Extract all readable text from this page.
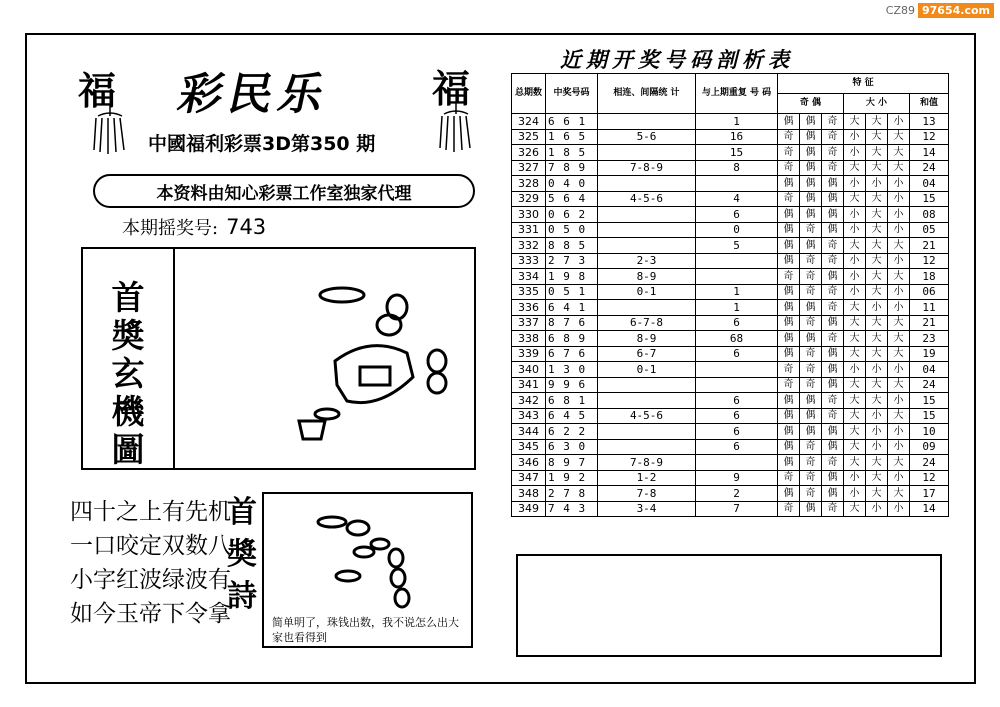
CZ89 97654.com
福	福
彩民乐
中國福利彩票3D第350 期
本资料由知心彩票工作室独家代理
本期摇奖号: 743
首
奬
玄
機
圖
四十之上有先机
一口咬定双数八
小字红波绿波有
如今玉帝下令拿
首
奬
詩
简单明了，珠钱出数，我不说怎么出大家也看得到
近期开奖号码剖析表
总期数	中奖号码	相连、间隔统 计	与上期重复 号 码	特 征						
				奇 偶			大 小			和值
324	6 6 1		1	偶	偶	奇	大	大	小	13
325	1 6 5	5-6	16	奇	偶	奇	小	大	大	12
326	1 8 5		15	奇	偶	奇	小	大	大	14
327	7 8 9	7-8-9	8	奇	偶	奇	大	大	大	24
328	0 4 0			偶	偶	偶	小	小	小	04
329	5 6 4	4-5-6	4	奇	偶	偶	大	大	小	15
330	0 6 2		6	偶	偶	偶	小	大	小	08
331	0 5 0		0	偶	奇	偶	小	大	小	05
332	8 8 5		5	偶	偶	奇	大	大	大	21
333	2 7 3	2-3		偶	奇	奇	小	大	小	12
334	1 9 8	8-9		奇	奇	偶	小	大	大	18
335	0 5 1	0-1	1	偶	奇	奇	小	大	小	06
336	6 4 1		1	偶	偶	奇	大	小	小	11
337	8 7 6	6-7-8	6	偶	奇	偶	大	大	大	21
338	6 8 9	8-9	68	偶	偶	奇	大	大	大	23
339	6 7 6	6-7	6	偶	奇	偶	大	大	大	19
340	1 3 0	0-1		奇	奇	偶	小	小	小	04
341	9 9 6			奇	奇	偶	大	大	大	24
342	6 8 1		6	偶	偶	奇	大	大	小	15
343	6 4 5	4-5-6	6	偶	偶	奇	大	小	大	15
344	6 2 2		6	偶	偶	偶	大	小	小	10
345	6 3 0		6	偶	奇	偶	大	小	小	09
346	8 9 7	7-8-9		偶	奇	奇	大	大	大	24
347	1 9 2	1-2	9	奇	奇	偶	小	大	小	12
348	2 7 8	7-8	2	偶	奇	偶	小	大	大	17
349	7 4 3	3-4	7	奇	偶	奇	大	小	小	14
